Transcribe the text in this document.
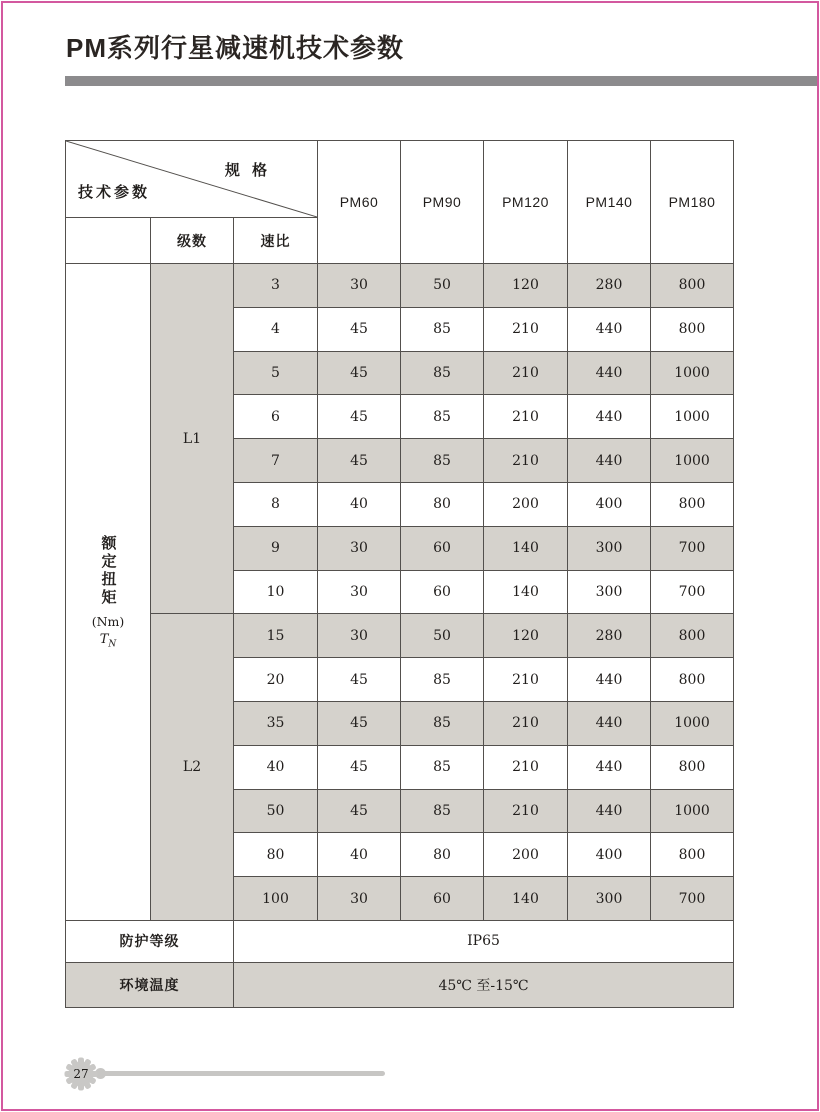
PM系列行星减速机技术参数
规 格
技术参数			PM60	PM90	PM120	PM140	PM180
	级数	速比					

额定扭矩
(Nm)
$T_N$	L1	3	30	50	120	280	800
		4	45	85	210	440	800
		5	45	85	210	440	1000
		6	45	85	210	440	1000
		7	45	85	210	440	1000
		8	40	80	200	400	800
		9	30	60	140	300	700
		10	30	60	140	300	700
	L2	15	30	50	120	280	800
		20	45	85	210	440	800
		35	45	85	210	440	1000
		40	45	85	210	440	800
		50	45	85	210	440	1000
		80	40	80	200	400	800
		100	30	60	140	300	700
防护等级		IP65					
环境温度		45℃ 至-15℃					
27
